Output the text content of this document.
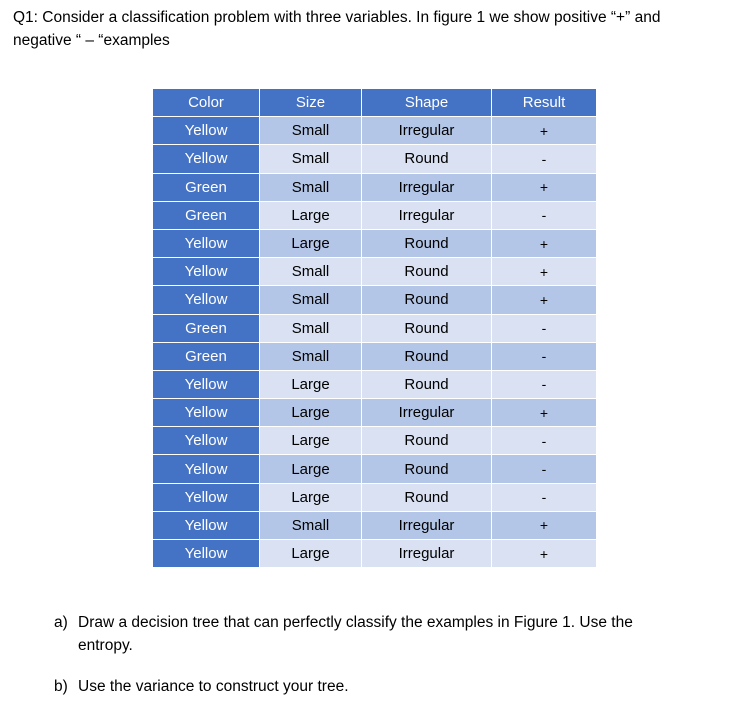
Q1: Consider a classification problem with three variables. In figure 1 we show positive “+” and
negative “ – “examples
Color	Size	Shape	Result
Yellow	Small	Irregular	+
Yellow	Small	Round	-
Green	Small	Irregular	+
Green	Large	Irregular	-
Yellow	Large	Round	+
Yellow	Small	Round	+
Yellow	Small	Round	+
Green	Small	Round	-
Green	Small	Round	-
Yellow	Large	Round	-
Yellow	Large	Irregular	+
Yellow	Large	Round	-
Yellow	Large	Round	-
Yellow	Large	Round	-
Yellow	Small	Irregular	+
Yellow	Large	Irregular	+
a) Draw a decision tree that can perfectly classify the examples in Figure 1. Use the
entropy.
b) Use the variance to construct your tree.
